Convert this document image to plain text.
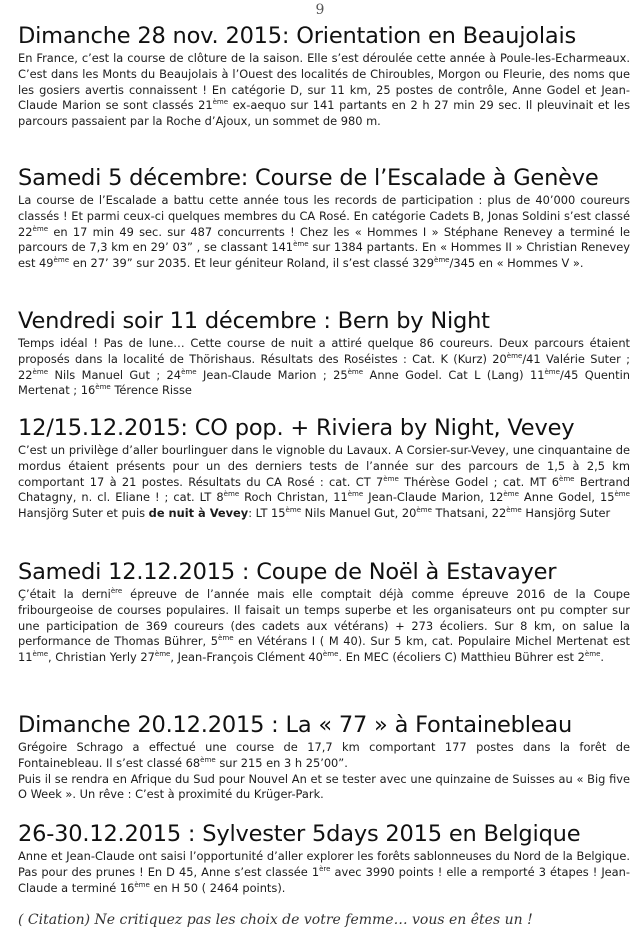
9
Dimanche 28 nov. 2015: Orientation en Beaujolais

En France, c’est la course de clôture de la saison. Elle s’est déroulée cette année à Poule-les-Echarmeaux. C’est dans les Monts du Beaujolais à l’Ouest des localités de Chiroubles, Morgon ou Fleurie, des noms que les gosiers avertis connaissent ! En catégorie D, sur 11 km, 25 postes de contrôle, Anne Godel et Jean-Claude Marion se sont classés 21ème ex-aequo sur 141 partants en 2 h 27 min 29 sec. Il pleuvinait et les parcours passaient par la Roche d’Ajoux, un sommet de 980 m.

Samedi 5 décembre: Course de l’Escalade à Genève

La course de l’Escalade a battu cette année tous les records de participation : plus de 40’000 coureurs classés ! Et parmi ceux-ci quelques membres du CA Rosé. En catégorie Cadets B, Jonas Soldini s’est classé 22ème en 17 min 49 sec. sur 487 concurrents ! Chez les « Hommes I » Stéphane Renevey a terminé le parcours de 7,3 km en 29’ 03” , se classant 141ème sur 1384 partants. En « Hommes II » Christian Renevey est 49ème en 27’ 39” sur 2035. Et leur géniteur Roland, il s’est classé 329ème/345 en « Hommes V ».

Vendredi soir 11 décembre : Bern by Night

Temps idéal ! Pas de lune… Cette course de nuit a attiré quelque 86 coureurs. Deux parcours étaient proposés dans la localité de Thörishaus. Résultats des Roséistes : Cat. K (Kurz) 20ème/41 Valérie Suter ; 22ème Nils Manuel Gut ; 24ème Jean-Claude Marion ; 25ème Anne Godel. Cat L (Lang) 11ème/45 Quentin Mertenat ; 16ème Térence Risse

12/15.12.2015: CO pop. + Riviera by Night, Vevey

C’est un privilège d’aller bourlinguer dans le vignoble du Lavaux. A Corsier-sur-Vevey, une cinquantaine de mordus étaient présents pour un des derniers tests de l’année sur des parcours de 1,5 à 2,5 km comportant 17 à 21 postes. Résultats du CA Rosé : cat. CT 7ème Thérèse Godel ; cat. MT 6ème Bertrand Chatagny, n. cl. Eliane ! ; cat. LT 8ème Roch Christan, 11ème Jean-Claude Marion, 12ème Anne Godel, 15ème Hansjörg Suter et puis de nuit à Vevey: LT 15ème Nils Manuel Gut, 20ème Thatsani, 22ème Hansjörg Suter

Samedi 12.12.2015 : Coupe de Noël à Estavayer

Ç’était la derni$^{ère}$ épreuve de l’année mais elle comptait déjà comme épreuve 2016 de la Coupe fribourgeoise de courses populaires. Il faisait un temps superbe et les organisateurs ont pu compter sur une participation de 369 coureurs (des cadets aux vétérans) + 273 écoliers. Sur 8 km, on salue la performance de Thomas Bührer, 5ème en Vétérans I ( M 40). Sur 5 km, cat. Populaire Michel Mertenat est 11ème, Christian Yerly 27ème, Jean-François Clément 40ème. En MEC (écoliers C) Matthieu Bührer est 2ème.

Dimanche 20.12.2015 : La « 77 » à Fontainebleau

Grégoire Schrago a effectué une course de 17,7 km comportant 177 postes dans la forêt de Fontainebleau. Il s’est classé 68ème sur 215 en 3 h 25’00”.

Puis il se rendra en Afrique du Sud pour Nouvel An et se tester avec une quinzaine de Suisses au « Big five O Week ». Un rêve : C’est à proximité du Krüger-Park.

26-30.12.2015 : Sylvester 5days 2015 en Belgique

Anne et Jean-Claude ont saisi l’opportunité d’aller explorer les forêts sablonneuses du Nord de la Belgique. Pas pour des prunes ! En D 45, Anne s’est classée 1ère avec 3990 points ! elle a remporté 3 étapes ! Jean-Claude a terminé 16ème en H 50 ( 2464 points).

( Citation) Ne critiquez pas les choix de votre femme… vous en êtes un !
